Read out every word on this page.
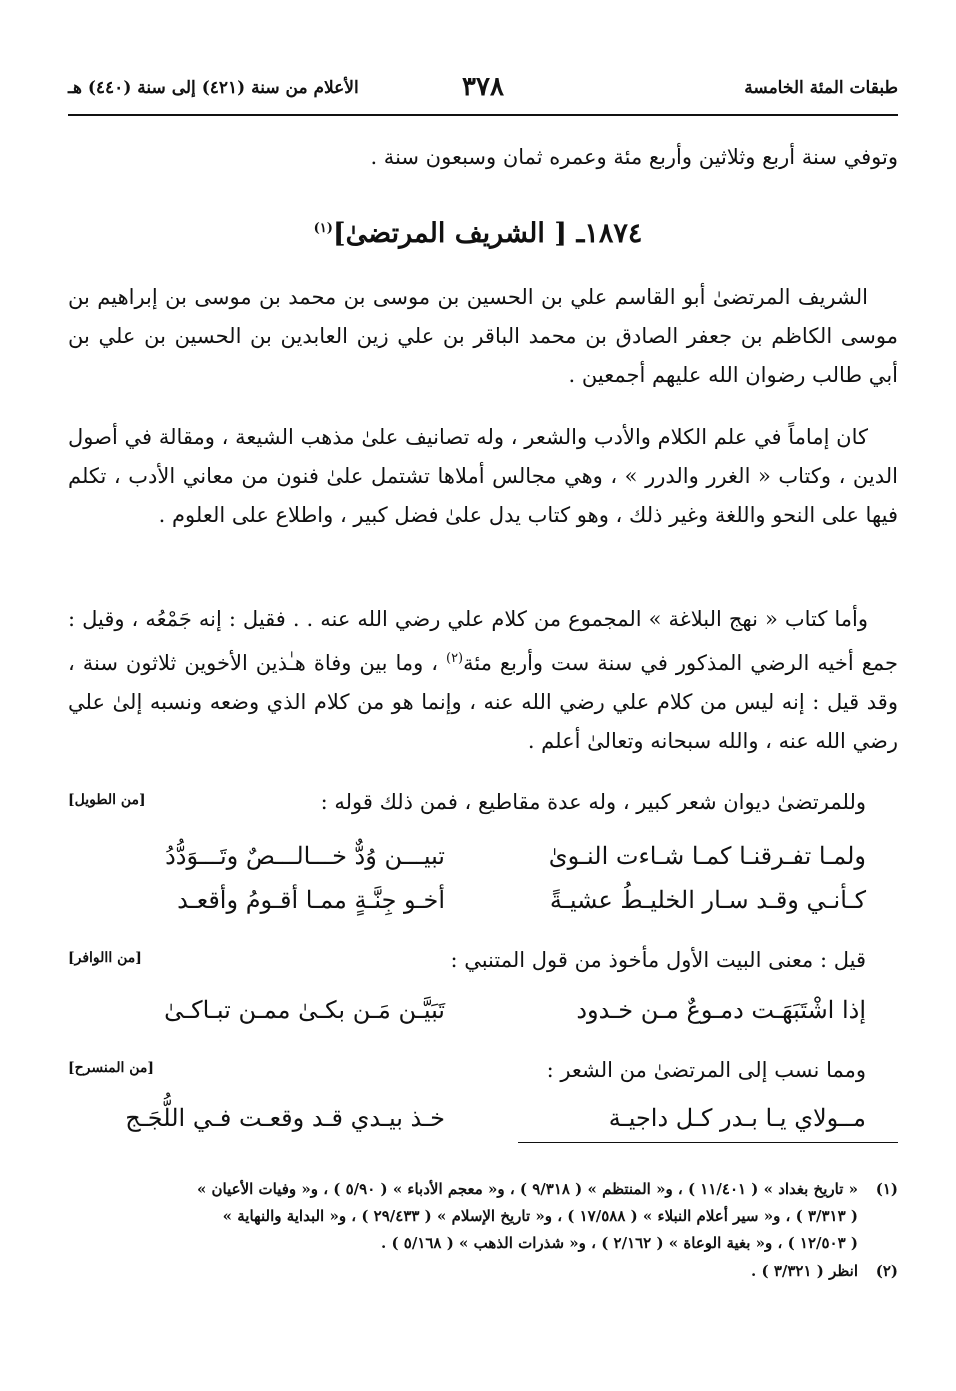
طبقات المئة الخامسة
٣٧٨
الأعلام من سنة (٤٢١) إلى سنة (٤٤٠) هـ
وتوفي سنة أربع وثلاثين وأربع مئة وعمره ثمان وسبعون سنة .
١٨٧٤ـ [ الشريف المرتضىٰ]$^{(١)}$
الشريف المرتضىٰ أبو القاسم علي بن الحسين بن موسى بن محمد بن موسى بن إبراهيم بن موسى الكاظم بن جعفر الصادق بن محمد الباقر بن علي زين العابدين بن الحسين بن علي بن أبي طالب رضوان الله عليهم أجمعين .
كان إماماً في علم الكلام والأدب والشعر ، وله تصانيف علىٰ مذهب الشيعة ، ومقالة في أصول الدين ، وكتاب « الغرر والدرر » ، وهي مجالس أملاها تشتمل علىٰ فنون من معاني الأدب ، تكلم فيها على النحو واللغة وغير ذلك ، وهو كتاب يدل علىٰ فضل كبير ، واطلاع على العلوم .
وأما كتاب « نهج البلاغة » المجموع من كلام علي رضي الله عنه . . فقيل : إنه جَمْعُه ، وقيل : جمع أخيه الرضي المذكور في سنة ست وأربع مئة$^{(٢)}$ ، وما بين وفاة هـٰذين الأخوين ثلاثون سنة ، وقد قيل : إنه ليس من كلام علي رضي الله عنه ، وإنما هو من كلام الذي وضعه ونسبه إلىٰ علي رضي الله عنه ، والله سبحانه وتعالىٰ أعلم .
وللمرتضىٰ ديوان شعر كبير ، وله عدة مقاطيع ، فمن ذلك قوله :
[من الطويل]
ولمـا تفـرقنـا كمـا شـاءت النـوىٰ
تبيـــن وُدٌّ خـــالـــصٌ وتَـــوَدُّدُ
كـأنـي وقـد سـار الخليـطُ عشيـةً
أخـو جِنَّـةٍ ممـا أقـومُ وأقعـد
قيل : معنى البيت الأول مأخوذ من قول المتنبي :
[من االوافر]
إذا اشْتَبَهَـت دمـوعٌ مـن خـدود
تَبَيَّـن مَـن بكـىٰ ممـن تبـاكـىٰ
ومما نسب إلى المرتضىٰ من الشعر :
[من المنسرح]
مــولاي يـا بـدر كـل داجيـة
خـذ بيـدي قـد وقعـت فـي اللُّجَـج
(١)« تاريخ بغداد » ( ١١/٤٠١ ) ، و« المنتظم » ( ٩/٣١٨ ) ، و« معجم الأدباء » ( ٥/٩٠ ) ، و« وفيات الأعيان »
( ٣/٣١٣ ) ، و« سير أعلام النبلاء » ( ١٧/٥٨٨ ) ، و« تاريخ الإسلام » ( ٢٩/٤٣٣ ) ، و« البداية والنهاية »
( ١٢/٥٠٣ ) ، و« بغية الوعاة » ( ٢/١٦٢ ) ، و« شذرات الذهب » ( ٥/١٦٨ ) .
(٢)انظر ( ٣/٣٢١ ) .
